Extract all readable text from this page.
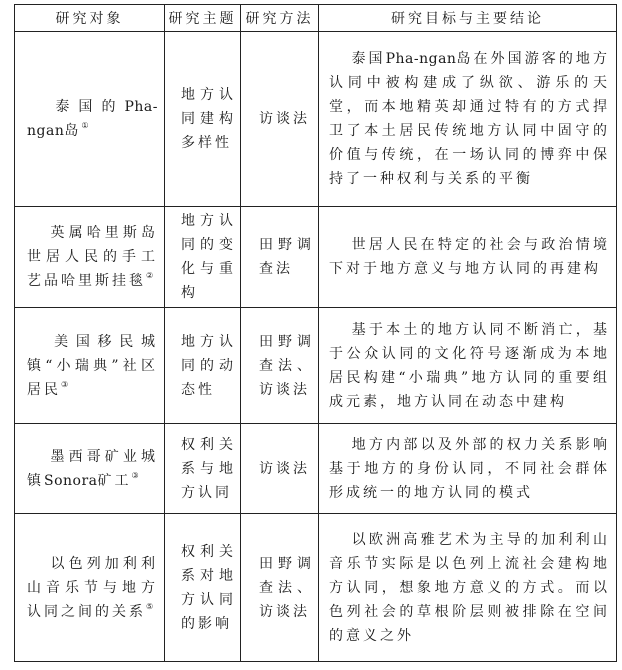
研究对象	研究主题	研究方法	研究目标与主要结论
泰国的Pha- ngan岛①	地方认同建构多样性	访谈法	泰国Pha-ngan岛在外国游客的地方认同中被构建成了纵欲、游乐的天堂，而本地精英却通过特有的方式捍卫了本土居民传统地方认同中固守的价值与传统，在一场认同的博弈中保持了一种权利与关系的平衡
英属哈里斯岛世居人民的手工艺品哈里斯挂毯②	地方认同的变化与重构	田野调查法	世居人民在特定的社会与政治情境下对于地方意义与地方认同的再建构
美国移民城镇“小瑞典”社区居民③	地方认同的动态性	田野调查法、访谈法	基于本土的地方认同不断消亡，基于公众认同的文化符号逐渐成为本地居民构建“小瑞典”地方认同的重要组成元素，地方认同在动态中建构
墨西哥矿业城镇Sonora矿工③	权利关系与地方认同	访谈法	地方内部以及外部的权力关系影响基于地方的身份认同，不同社会群体形成统一的地方认同的模式
以色列加利利山音乐节与地方认同之间的关系⑤	权利关系对地方认同的影响	田野调查法、访谈法	以欧洲高雅艺术为主导的加利利山音乐节实际是以色列上流社会建构地方认同，想象地方意义的方式。而以色列社会的草根阶层则被排除在空间的意义之外
